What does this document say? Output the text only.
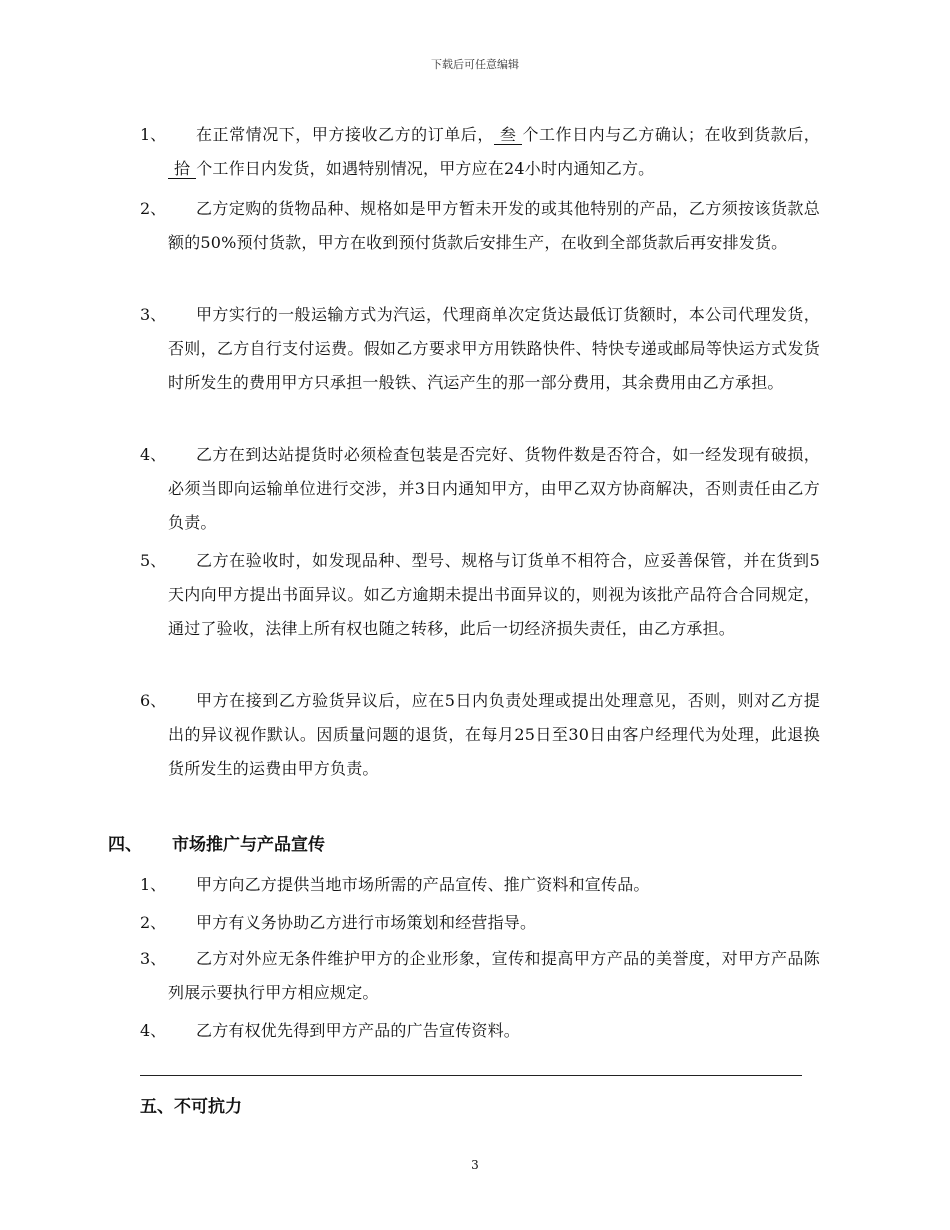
下载后可任意编辑
1、	在正常情况下，甲方接收乙方的订单后， 叁 个工作日内与乙方确认；在收到货款后，拾 个工作日内发货，如遇特别情况，甲方应在24小时内通知乙方。
2、	乙方定购的货物品种、规格如是甲方暂未开发的或其他特别的产品，乙方须按该货款总额的50%预付货款，甲方在收到预付货款后安排生产，在收到全部货款后再安排发货。
3、	甲方实行的一般运输方式为汽运，代理商单次定货达最低订货额时，本公司代理发货，否则，乙方自行支付运费。假如乙方要求甲方用铁路快件、特快专递或邮局等快运方式发货时所发生的费用甲方只承担一般铁、汽运产生的那一部分费用，其余费用由乙方承担。
4、	乙方在到达站提货时必须检查包装是否完好、货物件数是否符合，如一经发现有破损，必须当即向运输单位进行交涉，并3日内通知甲方，由甲乙双方协商解决，否则责任由乙方负责。
5、	乙方在验收时，如发现品种、型号、规格与订货单不相符合，应妥善保管，并在货到5天内向甲方提出书面异议。如乙方逾期未提出书面异议的，则视为该批产品符合合同规定，通过了验收，法律上所有权也随之转移，此后一切经济损失责任，由乙方承担。
6、	甲方在接到乙方验货异议后，应在5日内负责处理或提出处理意见，否则，则对乙方提出的异议视作默认。因质量问题的退货，在每月25日至30日由客户经理代为处理，此退换货所发生的运费由甲方负责。
四、 市场推广与产品宣传
1、	甲方向乙方提供当地市场所需的产品宣传、推广资料和宣传品。
2、	甲方有义务协助乙方进行市场策划和经营指导。
3、	乙方对外应无条件维护甲方的企业形象，宣传和提高甲方产品的美誉度，对甲方产品陈列展示要执行甲方相应规定。
4、	乙方有权优先得到甲方产品的广告宣传资料。
五、不可抗力
3
